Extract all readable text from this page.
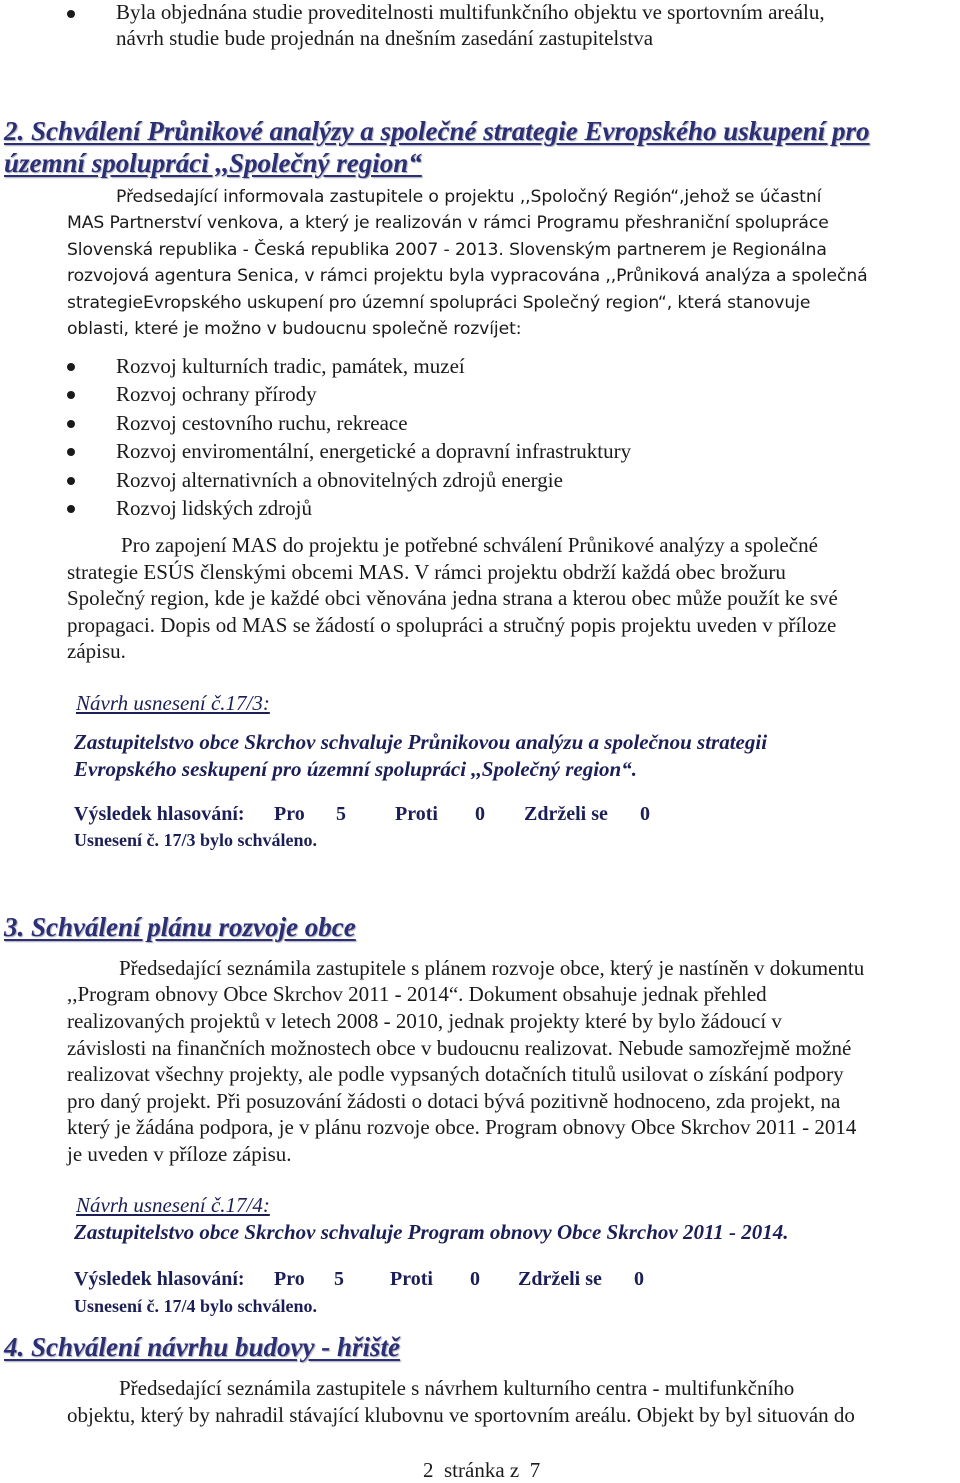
Byla objednána studie proveditelnosti multifunkčního objektu ve sportovním areálu,
návrh studie bude projednán na dnešním zasedání zastupitelstva
2. Schválení Průnikové analýzy a společné strategie Evropského uskupení pro
územní spolupráci ,,Společný region“
Předsedající informovala zastupitele o projektu ,,Spoločný Región“,jehož se účastní
MAS Partnerství venkova, a který je realizován v rámci Programu přeshraniční spolupráce
Slovenská republika - Česká republika 2007 - 2013. Slovenským partnerem je Regionálna
rozvojová agentura Senica, v rámci projektu byla vypracována ,,Průniková analýza a společná
strategieEvropského uskupení pro územní spolupráci Společný region“, která stanovuje
oblasti, které je možno v budoucnu společně rozvíjet:
Rozvoj kulturních tradic, památek, muzeí
Rozvoj ochrany přírody
Rozvoj cestovního ruchu, rekreace
Rozvoj enviromentální, energetické a dopravní infrastruktury
Rozvoj alternativních a obnovitelných zdrojů energie
Rozvoj lidských zdrojů
Pro zapojení MAS do projektu je potřebné schválení Průnikové analýzy a společné
strategie ESÚS členskými obcemi MAS. V rámci projektu obdrží každá obec brožuru
Společný region, kde je každé obci věnována jedna strana a kterou obec může použít ke své
propagaci. Dopis od MAS se žádostí o spolupráci a stručný popis projektu uveden v příloze
zápisu.
Návrh usnesení č.17/3:
Zastupitelstvo obce Skrchov schvaluje Průnikovou analýzu a společnou strategii
Evropského seskupení pro územní spolupráci ,,Společný region“.
Výsledek hlasování: Pro 5 Proti 0 Zdrželi se 0
Usnesení č. 17/3 bylo schváleno.
3. Schválení plánu rozvoje obce
Předsedající seznámila zastupitele s plánem rozvoje obce, který je nastíněn v dokumentu
,,Program obnovy Obce Skrchov 2011 - 2014“. Dokument obsahuje jednak přehled
realizovaných projektů v letech 2008 - 2010, jednak projekty které by bylo žádoucí v
závislosti na finančních možnostech obce v budoucnu realizovat. Nebude samozřejmě možné
realizovat všechny projekty, ale podle vypsaných dotačních titulů usilovat o získání podpory
pro daný projekt. Při posuzování žádosti o dotaci bývá pozitivně hodnoceno, zda projekt, na
který je žádána podpora, je v plánu rozvoje obce. Program obnovy Obce Skrchov 2011 - 2014
je uveden v příloze zápisu.
Návrh usnesení č.17/4:
Zastupitelstvo obce Skrchov schvaluje Program obnovy Obce Skrchov 2011 - 2014.
Výsledek hlasování: Pro 5 Proti 0 Zdrželi se 0
Usnesení č. 17/4 bylo schváleno.
4. Schválení návrhu budovy - hřiště
Předsedající seznámila zastupitele s návrhem kulturního centra - multifunkčního
objektu, který by nahradil stávající klubovnu ve sportovním areálu. Objekt by byl situován do
2  stránka z  7
